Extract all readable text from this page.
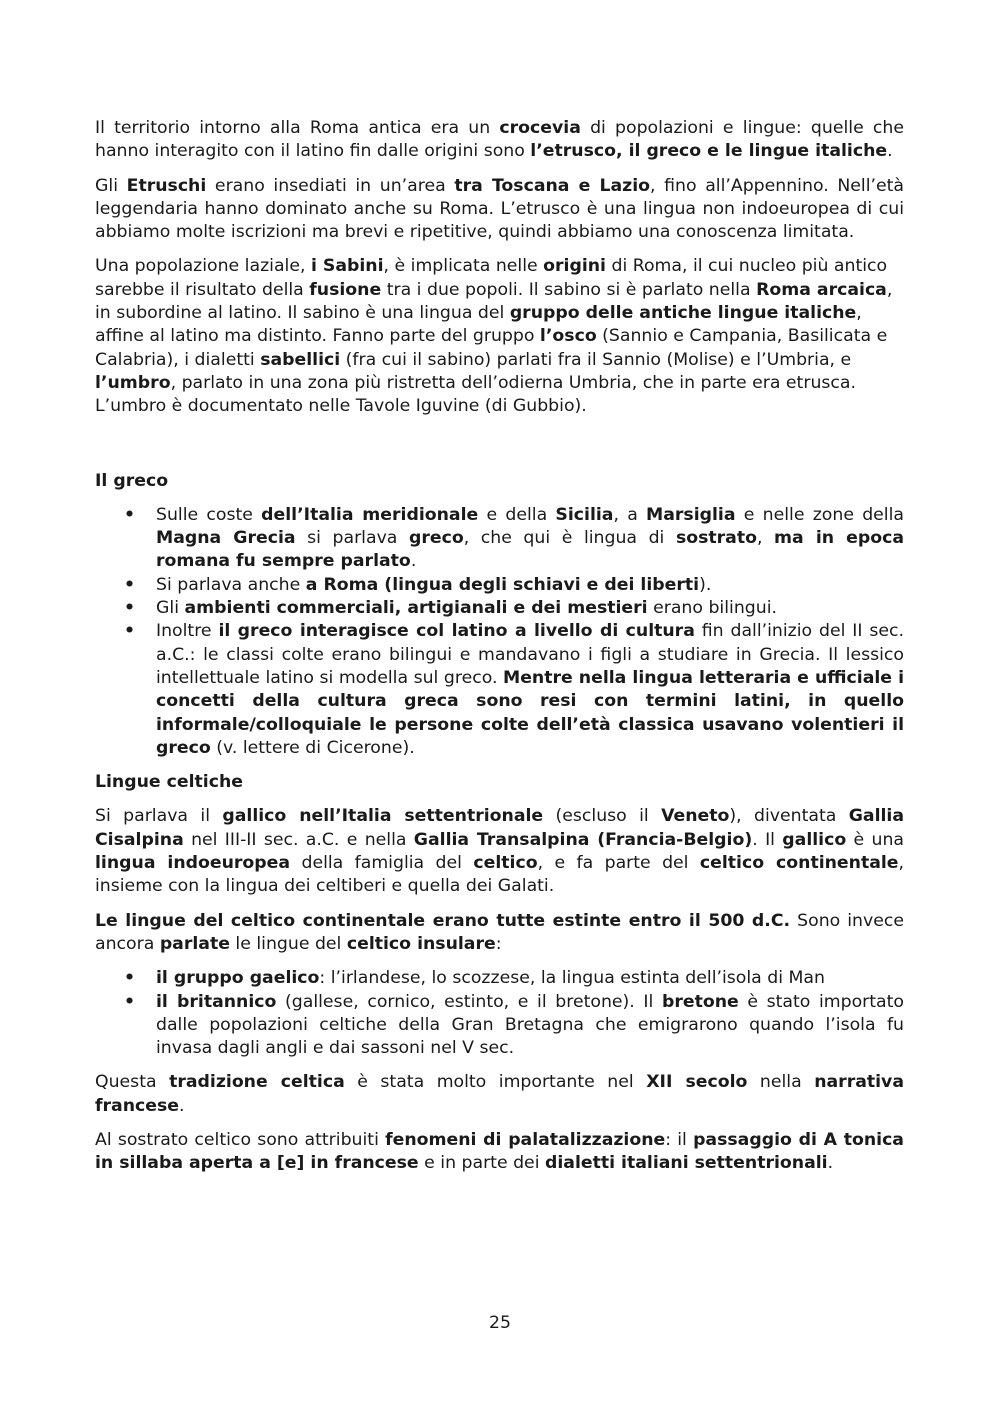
Il territorio intorno alla Roma antica era un crocevia di popolazioni e lingue: quelle che hanno interagito con il latino fin dalle origini sono l’etrusco, il greco e le lingue italiche.

Gli Etruschi erano insediati in un’area tra Toscana e Lazio, fino all’Appennino. Nell’età leggendaria hanno dominato anche su Roma. L’etrusco è una lingua non indoeuropea di cui abbiamo molte iscrizioni ma brevi e ripetitive, quindi abbiamo una conoscenza limitata.

Una popolazione laziale, i Sabini, è implicata nelle origini di Roma, il cui nucleo più antico sarebbe il risultato della fusione tra i due popoli. Il sabino si è parlato nella Roma arcaica, in subordine al latino. Il sabino è una lingua del gruppo delle antiche lingue italiche, affine al latino ma distinto. Fanno parte del gruppo l’osco (Sannio e Campania, Basilicata e Calabria), i dialetti sabellici (fra cui il sabino) parlati fra il Sannio (Molise) e l’Umbria, e l’umbro, parlato in una zona più ristretta dell’odierna Umbria, che in parte era etrusca. L’umbro è documentato nelle Tavole Iguvine (di Gubbio).

Il greco
• Sulle coste dell’Italia meridionale e della Sicilia, a Marsiglia e nelle zone della Magna Grecia si parlava greco, che qui è lingua di sostrato, ma in epoca romana fu sempre parlato.
• Si parlava anche a Roma (lingua degli schiavi e dei liberti).
• Gli ambienti commerciali, artigianali e dei mestieri erano bilingui.
• Inoltre il greco interagisce col latino a livello di cultura fin dall’inizio del II sec. a.C.: le classi colte erano bilingui e mandavano i figli a studiare in Grecia. Il lessico intellettuale latino si modella sul greco. Mentre nella lingua letteraria e ufficiale i concetti della cultura greca sono resi con termini latini, in quello informale/colloquiale le persone colte dell’età classica usavano volentieri il greco (v. lettere di Cicerone).
Lingue celtiche

Si parlava il gallico nell’Italia settentrionale (escluso il Veneto), diventata Gallia Cisalpina nel III-II sec. a.C. e nella Gallia Transalpina (Francia-Belgio). Il gallico è una lingua indoeuropea della famiglia del celtico, e fa parte del celtico continentale, insieme con la lingua dei celtiberi e quella dei Galati.

Le lingue del celtico continentale erano tutte estinte entro il 500 d.C. Sono invece ancora parlate le lingue del celtico insulare:

• il gruppo gaelico: l’irlandese, lo scozzese, la lingua estinta dell’isola di Man
• il britannico (gallese, cornico, estinto, e il bretone). Il bretone è stato importato dalle popolazioni celtiche della Gran Bretagna che emigrarono quando l’isola fu invasa dagli angli e dai sassoni nel V sec.

Questa tradizione celtica è stata molto importante nel XII secolo nella narrativa francese.

Al sostrato celtico sono attribuiti fenomeni di palatalizzazione: il passaggio di A tonica in sillaba aperta a [e] in francese e in parte dei dialetti italiani settentrionali.

25
